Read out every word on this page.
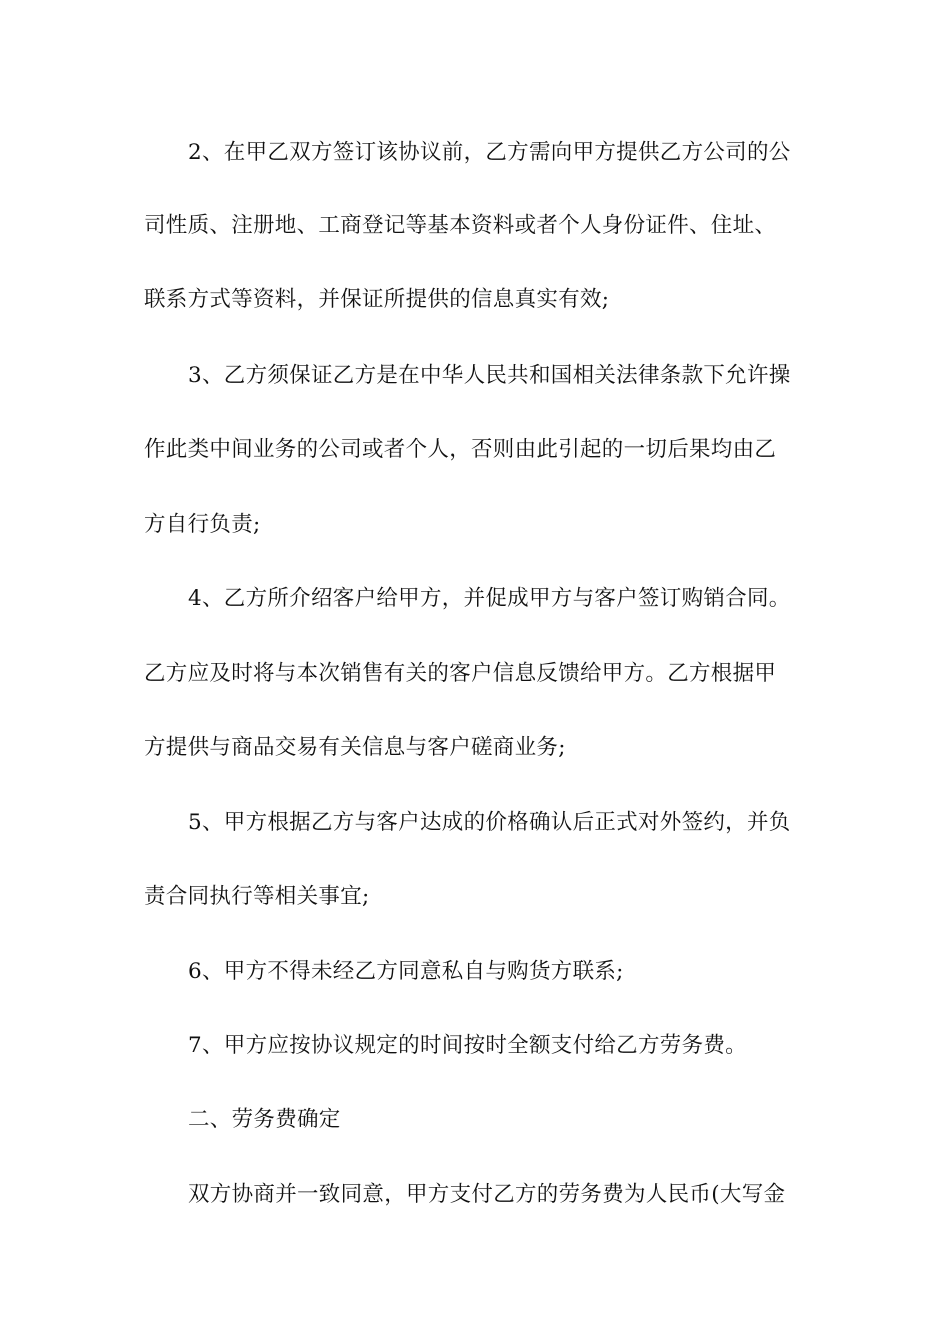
2、在甲乙双方签订该协议前，乙方需向甲方提供乙方公司的公
司性质、注册地、工商登记等基本资料或者个人身份证件、住址、
联系方式等资料，并保证所提供的信息真实有效;
3、乙方须保证乙方是在中华人民共和国相关法律条款下允许操
作此类中间业务的公司或者个人，否则由此引起的一切后果均由乙
方自行负责;
4、乙方所介绍客户给甲方，并促成甲方与客户签订购销合同。
乙方应及时将与本次销售有关的客户信息反馈给甲方。乙方根据甲
方提供与商品交易有关信息与客户磋商业务;
5、甲方根据乙方与客户达成的价格确认后正式对外签约，并负
责合同执行等相关事宜;
6、甲方不得未经乙方同意私自与购货方联系;
7、甲方应按协议规定的时间按时全额支付给乙方劳务费。
二、劳务费确定
双方协商并一致同意，甲方支付乙方的劳务费为人民币(大写金
